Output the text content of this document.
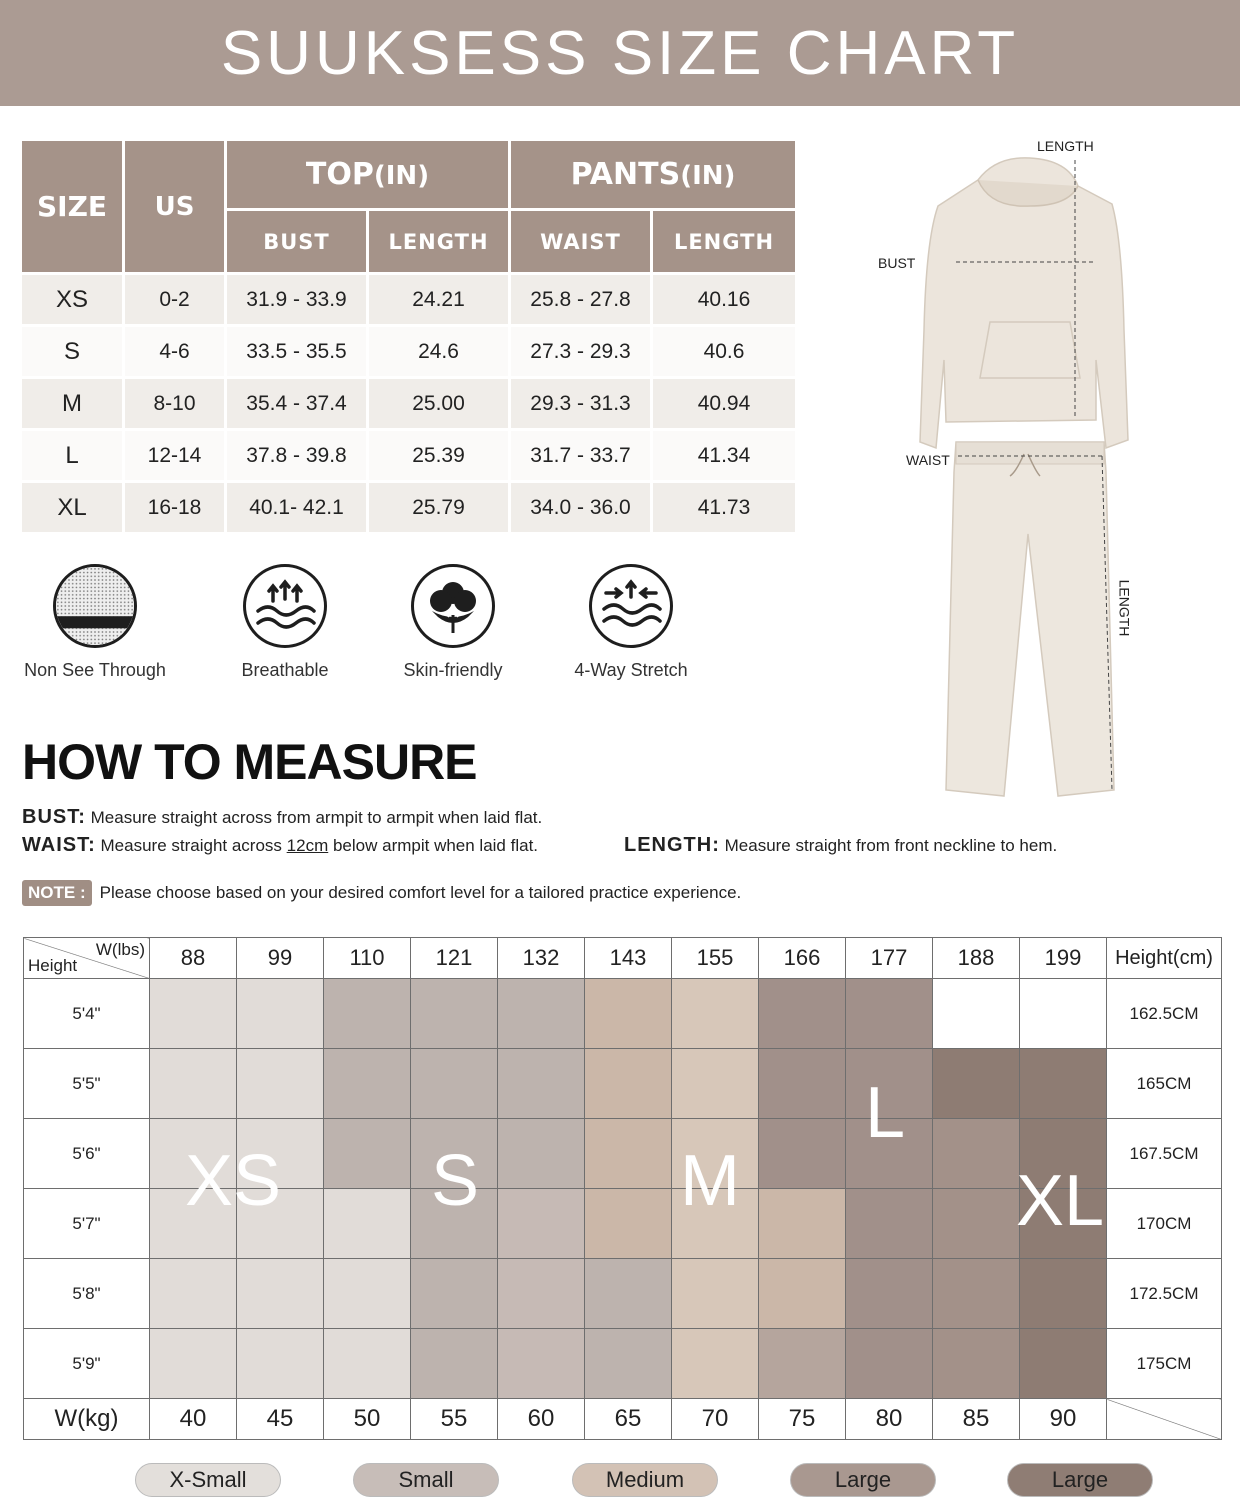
SUUKSESS SIZE CHART
SIZE	US	TOP(IN)		PANTS(IN)	
		BUST	LENGTH	WAIST	LENGTH
XS	0-2	31.9 - 33.9	24.21	25.8 - 27.8	40.16
S	4-6	33.5 - 35.5	24.6	27.3 - 29.3	40.6
M	8-10	35.4 - 37.4	25.00	29.3 - 31.3	40.94
L	12-14	37.8 - 39.8	25.39	31.7 - 33.7	41.34
XL	16-18	40.1- 42.1	25.79	34.0 - 36.0	41.73
Non See Through	Breathable	Skin-friendly	4-Way Stretch
LENGTH
BUST
WAIST
LENGTH
HOW TO MEASURE
BUST: Measure straight across from armpit to armpit when laid flat.
WAIST: Measure straight across 12cm below armpit when laid flat.	LENGTH: Measure straight from front neckline to hem.
NOTE : Please choose based on your desired comfort level for a tailored practice experience.
W(lbs)
Height	88	99	110	121	132	143	155	166	177	188	199	Height(cm)
5'4"												162.5CM
5'5"												165CM
5'6"												167.5CM
5'7"												170CM
5'8"												172.5CM
5'9"												175CM
W(kg)	40	45	50	55	60	65	70	75	80	85	90	
XS S	M
L
XL
X-Small	Small	Medium	Large	Large
